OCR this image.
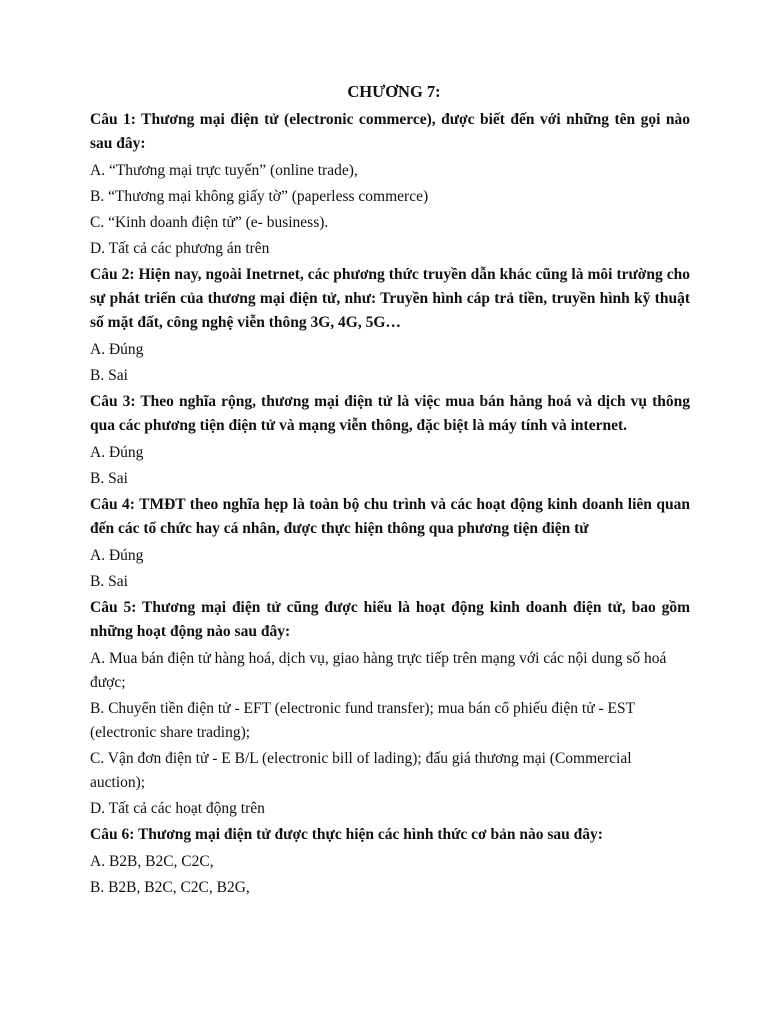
CHƯƠNG 7:
Câu 1: Thương mại điện tử (electronic commerce), được biết đến với những tên gọi nào sau đây:
A. “Thương mại trực tuyến” (online trade),
B. “Thương mại không giấy tờ” (paperless commerce)
C. “Kinh doanh điện tử” (e- business).
D. Tất cả các phương án trên
Câu 2: Hiện nay, ngoài Inetrnet, các phương thức truyền dẫn khác cũng là môi trường cho sự phát triển của thương mại điện tử, như: Truyền hình cáp trả tiền, truyền hình kỹ thuật số mặt đất, công nghệ viễn thông 3G, 4G, 5G…
A. Đúng
B. Sai
Câu 3: Theo nghĩa rộng, thương mại điện tử là việc mua bán hàng hoá và dịch vụ thông qua các phương tiện điện tử và mạng viễn thông, đặc biệt là máy tính và internet.
A. Đúng
B. Sai
Câu 4: TMĐT theo nghĩa hẹp là toàn bộ chu trình và các hoạt động kinh doanh liên quan đến các tổ chức hay cá nhân, được thực hiện thông qua phương tiện điện tử
A. Đúng
B. Sai
Câu 5: Thương mại điện tử cũng được hiểu là hoạt động kinh doanh điện tử, bao gồm những hoạt động nào sau đây:
A. Mua bán điện tử hàng hoá, dịch vụ, giao hàng trực tiếp trên mạng với các nội dung số hoá được;
B. Chuyển tiền điện tử - EFT (electronic fund transfer); mua bán cổ phiếu điện tử - EST (electronic share trading);
C. Vận đơn điện tử - E B/L (electronic bill of lading); đấu giá thương mại (Commercial auction);
D. Tất cả các hoạt động trên
Câu 6: Thương mại điện tử được thực hiện các hình thức cơ bản nào sau đây:
A. B2B, B2C, C2C,
B. B2B, B2C, C2C, B2G,
